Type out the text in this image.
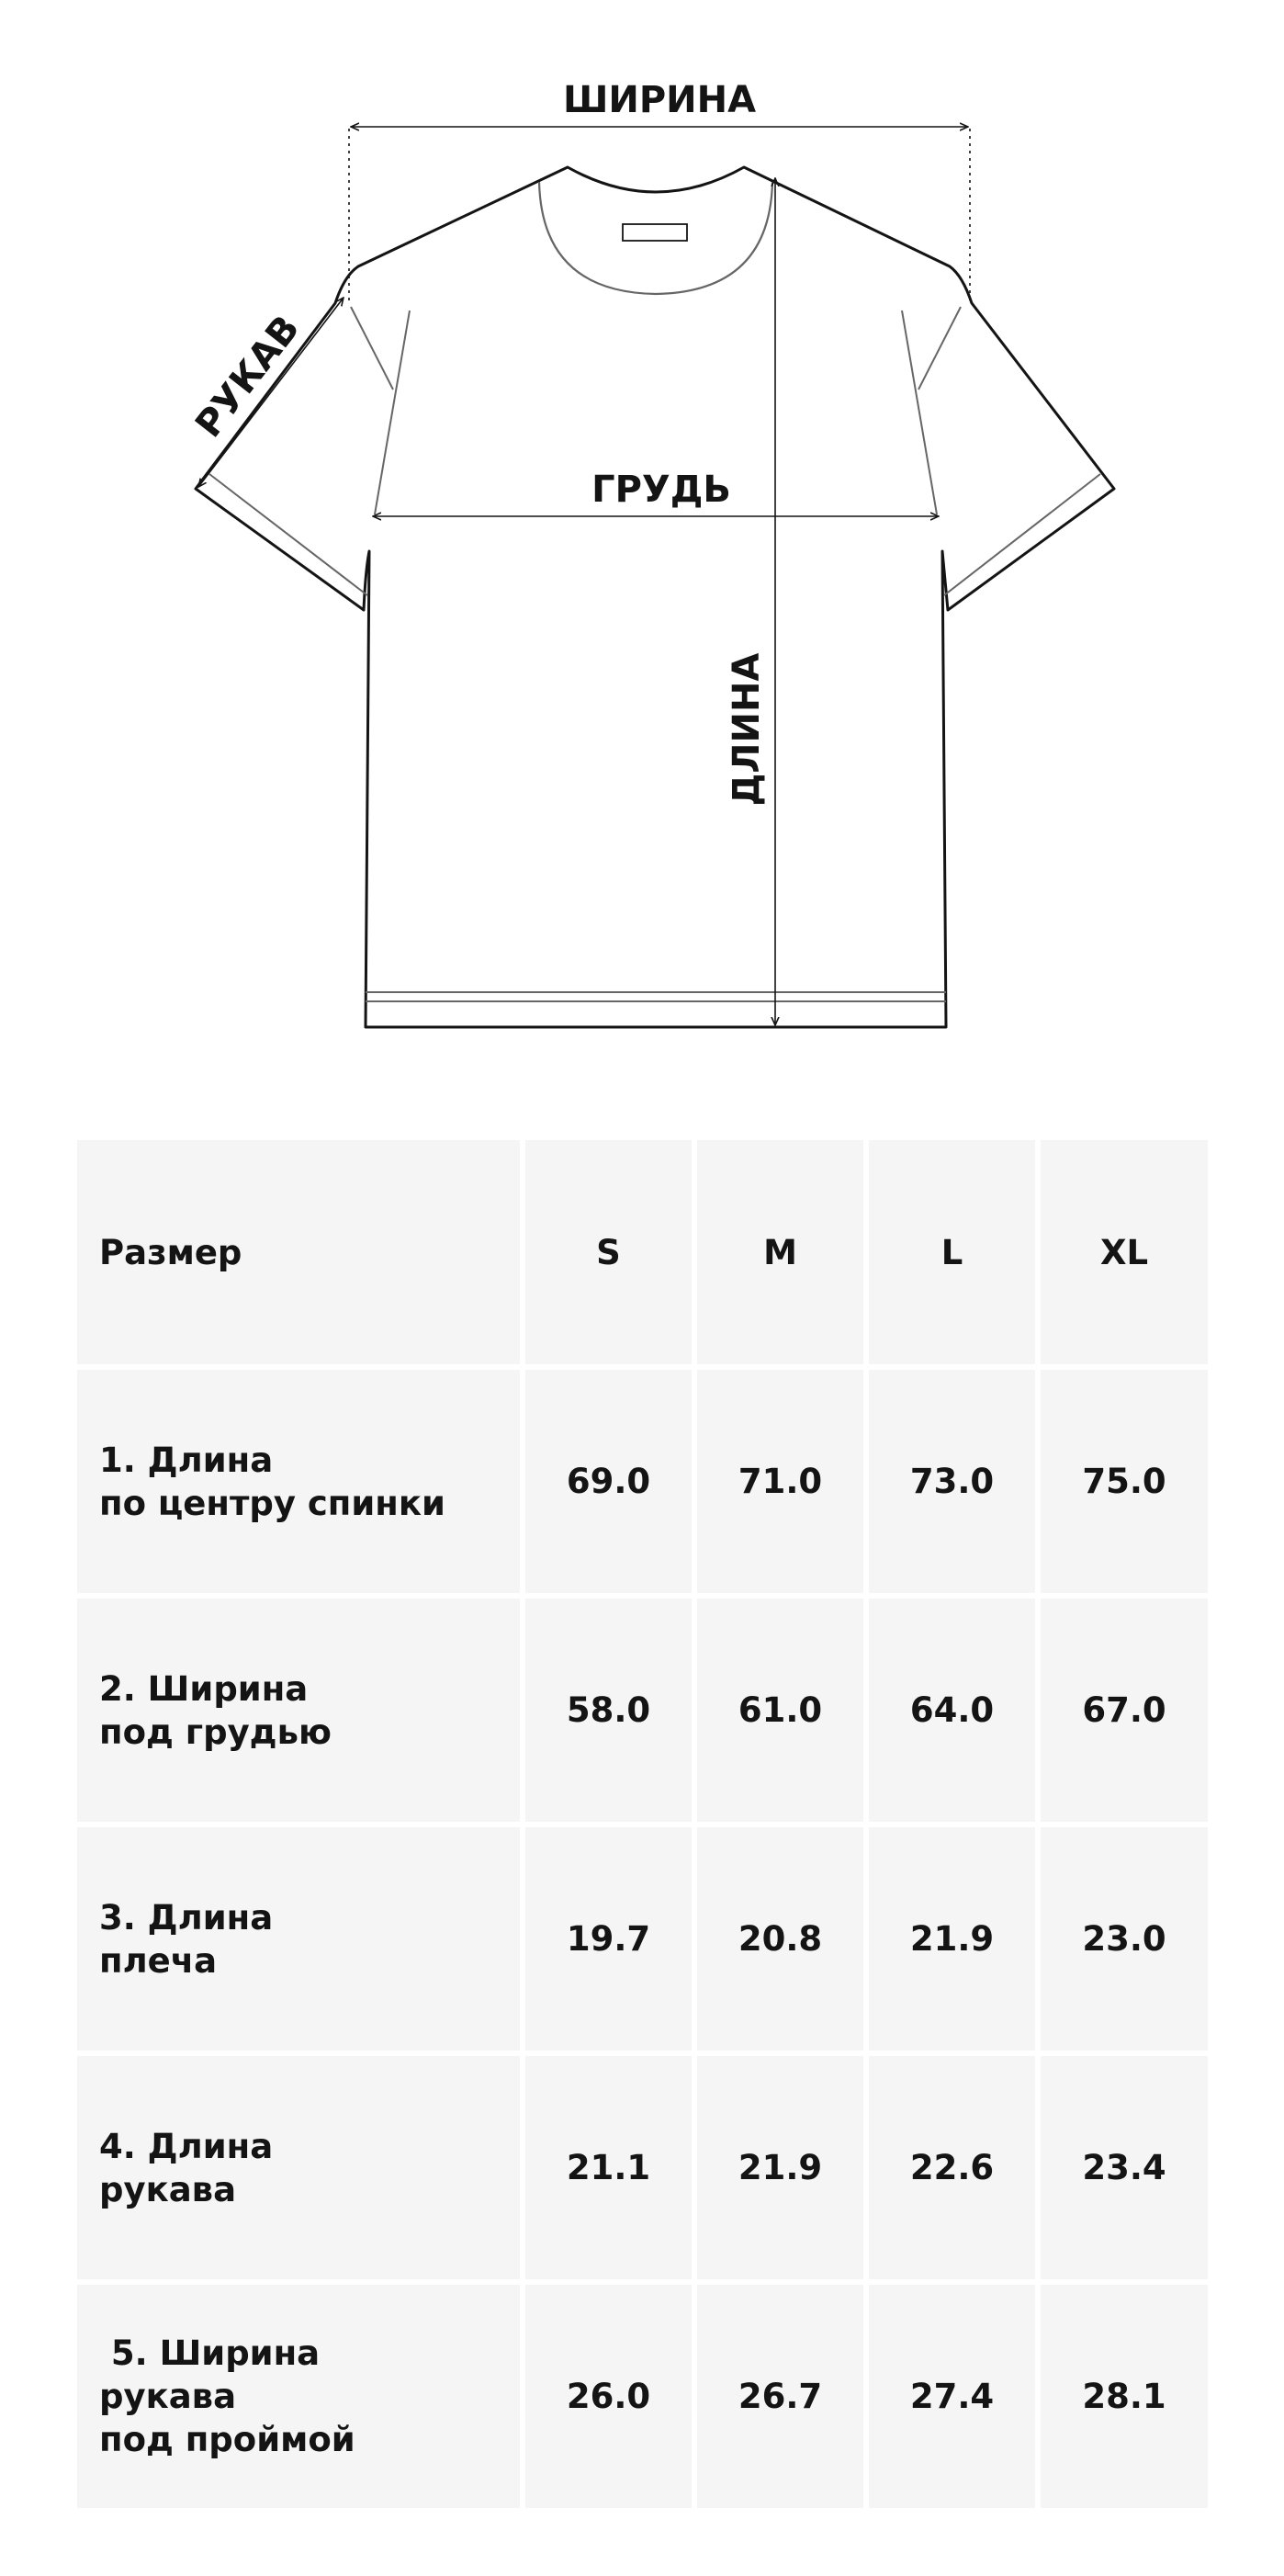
ШИРИНА
РУКАВ
ГРУДЬ
ДЛИНА
Размер	S	M	L	XL
1. Длина
по центру спинки	69.0	71.0	73.0	75.0
2. Ширина
под грудью	58.0	61.0	64.0	67.0
3. Длина
плеча	19.7	20.8	21.9	23.0
4. Длина
рукава	21.1	21.9	22.6	23.4
5. Ширина
рукава
под проймой	26.0	26.7	27.4	28.1
